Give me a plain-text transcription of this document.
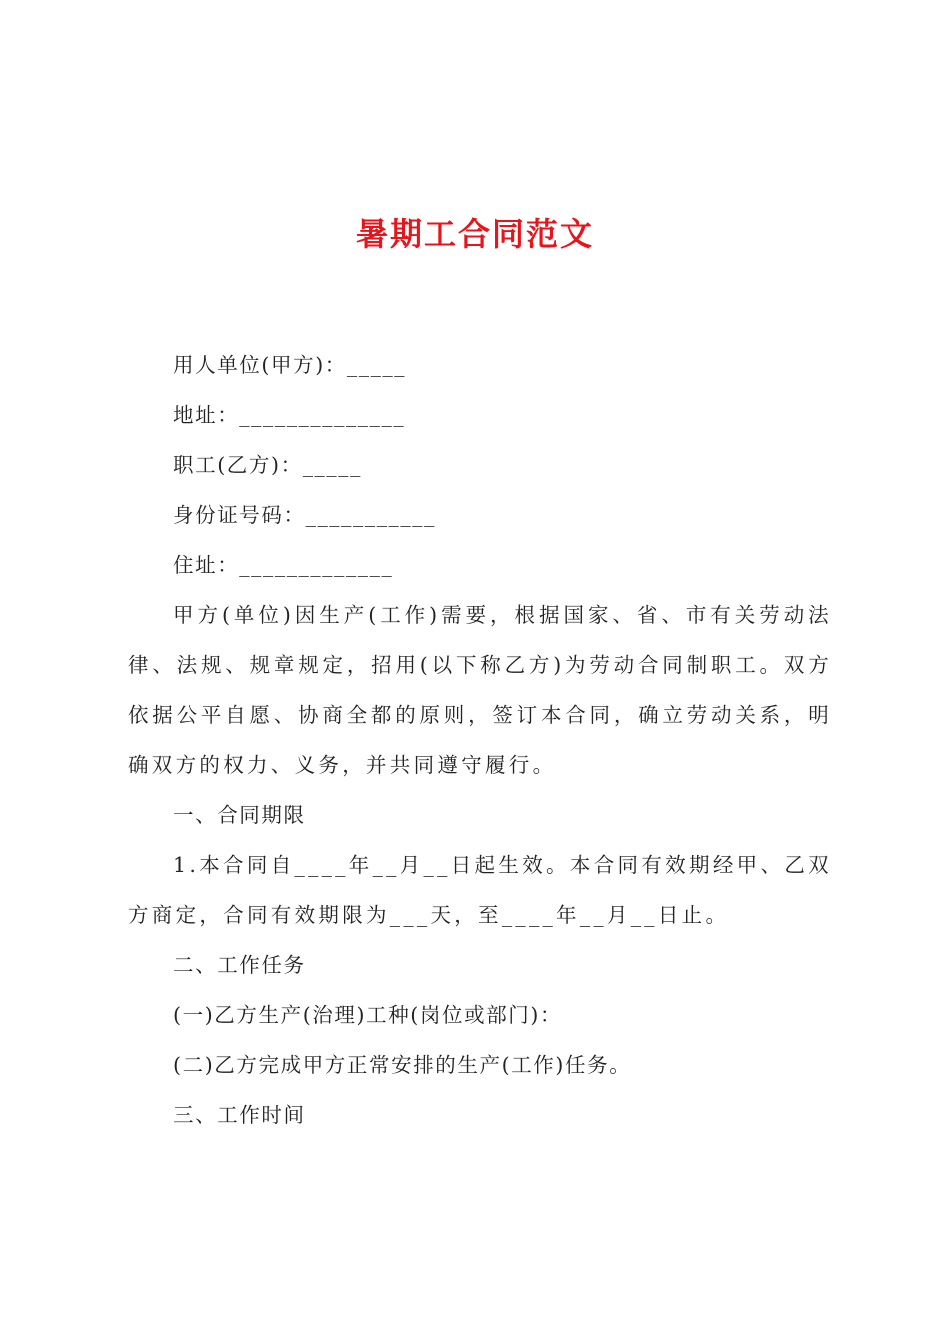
暑期工合同范文

用人单位(甲方)：_____

地址：______________

职工(乙方)：_____

身份证号码：___________

住址：_____________

甲方(单位)因生产(工作)需要，根据国家、省、市有关劳动法律、法规、规章规定，招用(以下称乙方)为劳动合同制职工。双方依据公平自愿、协商全都的原则，签订本合同，确立劳动关系，明确双方的权力、义务，并共同遵守履行。

一、合同期限

1.本合同自____年__月__日起生效。本合同有效期经甲、乙双方商定，合同有效期限为___天，至____年__月__日止。

二、工作任务

(一)乙方生产(治理)工种(岗位或部门)：

(二)乙方完成甲方正常安排的生产(工作)任务。

三、工作时间
